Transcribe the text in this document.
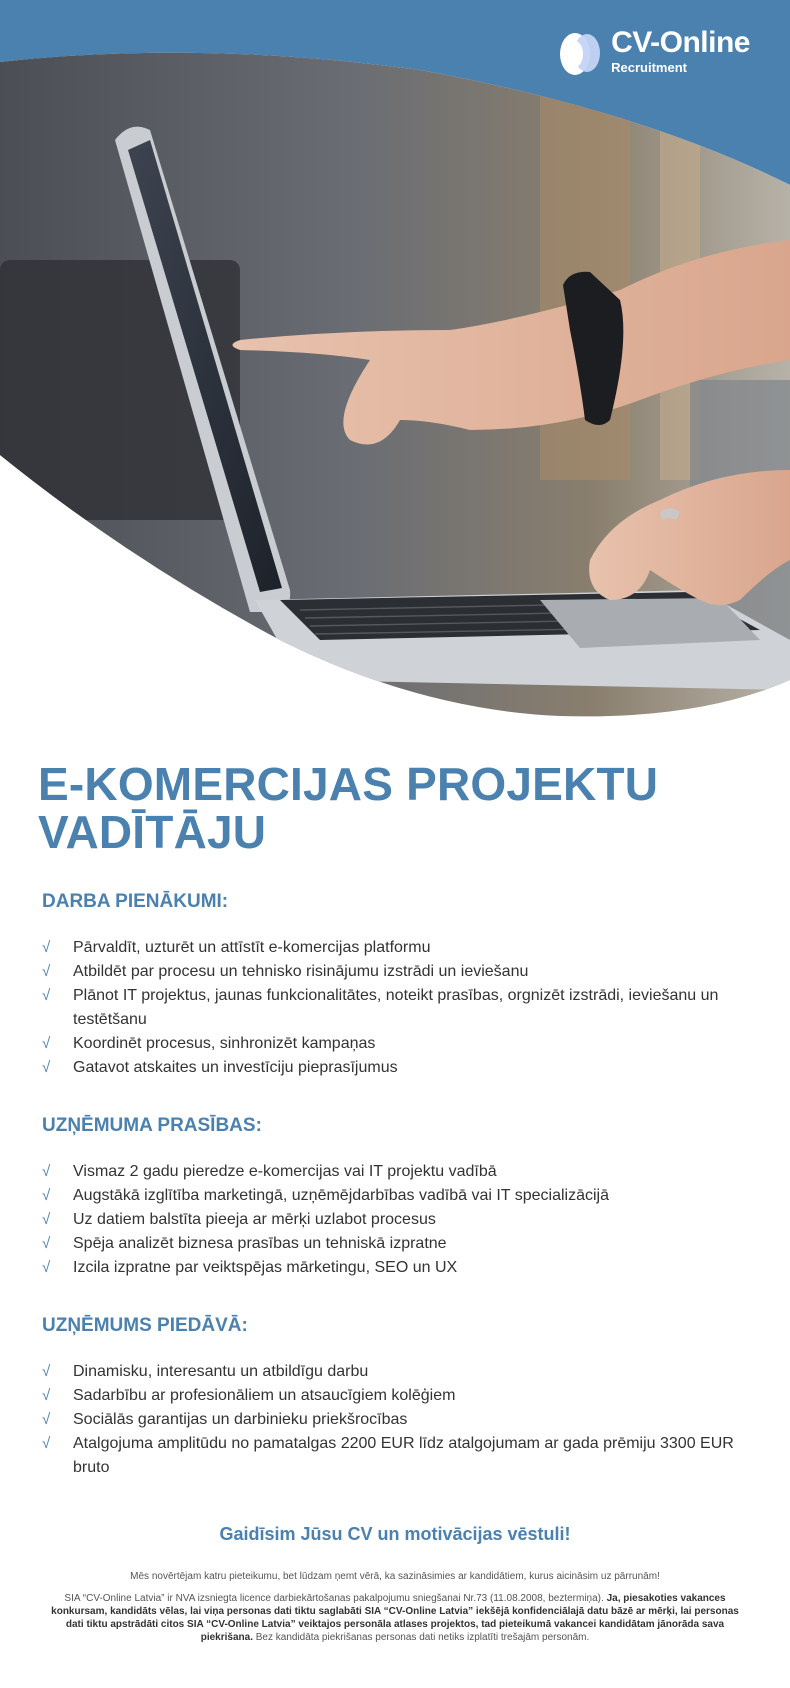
CV-Online
Recruitment
E-KOMERCIJAS PROJEKTU VADĪTĀJU
DARBA PIENĀKUMI:
√ Pārvaldīt, uzturēt un attīstīt e-komercijas platformu
√ Atbildēt par procesu un tehnisko risinājumu izstrādi un ieviešanu
√ Plānot IT projektus, jaunas funkcionalitātes, noteikt prasības, orgnizēt izstrādi, ieviešanu un testētšanu
√ Koordinēt procesus, sinhronizēt kampaņas
√ Gatavot atskaites un investīciju pieprasījumus
UZŅĒMUMA PRASĪBAS:
√ Vismaz 2 gadu pieredze e-komercijas vai IT projektu vadībā
√ Augstākā izglītība marketingā, uzņēmējdarbības vadībā vai IT specializācijā
√ Uz datiem balstīta pieeja ar mērķi uzlabot procesus
√ Spēja analizēt biznesa prasības un tehniskā izpratne
√ Izcila izpratne par veiktspējas mārketingu, SEO un UX
UZŅĒMUMS PIEDĀVĀ:
√ Dinamisku, interesantu un atbildīgu darbu
√ Sadarbību ar profesionāliem un atsaucīgiem kolēģiem
√ Sociālās garantijas un darbinieku priekšrocības
√ Atalgojuma amplitūdu no pamatalgas 2200 EUR līdz atalgojumam ar gada prēmiju 3300 EUR bruto

Gaidīsim Jūsu CV un motivācijas vēstuli!

Mēs novērtējam katru pieteikumu, bet lūdzam ņemt vērā, ka sazināsimies ar kandidātiem, kurus aicināsim uz pārrunām!

SIA “CV-Online Latvia” ir NVA izsniegta licence darbiekārtošanas pakalpojumu sniegšanai Nr.73 (11.08.2008, beztermiņa). Ja, piesakoties vakances konkursam, kandidāts vēlas, lai viņa personas dati tiktu saglabāti SIA “CV-Online Latvia” iekšējā konfidenciālajā datu bāzē ar mērķi, lai personas dati tiktu apstrādāti citos SIA “CV-Online Latvia” veiktajos personāla atlases projektos, tad pieteikumā vakancei kandidātam jānorāda sava piekrišana. Bez kandidāta piekrišanas personas dati netiks izplatīti trešajām personām.
